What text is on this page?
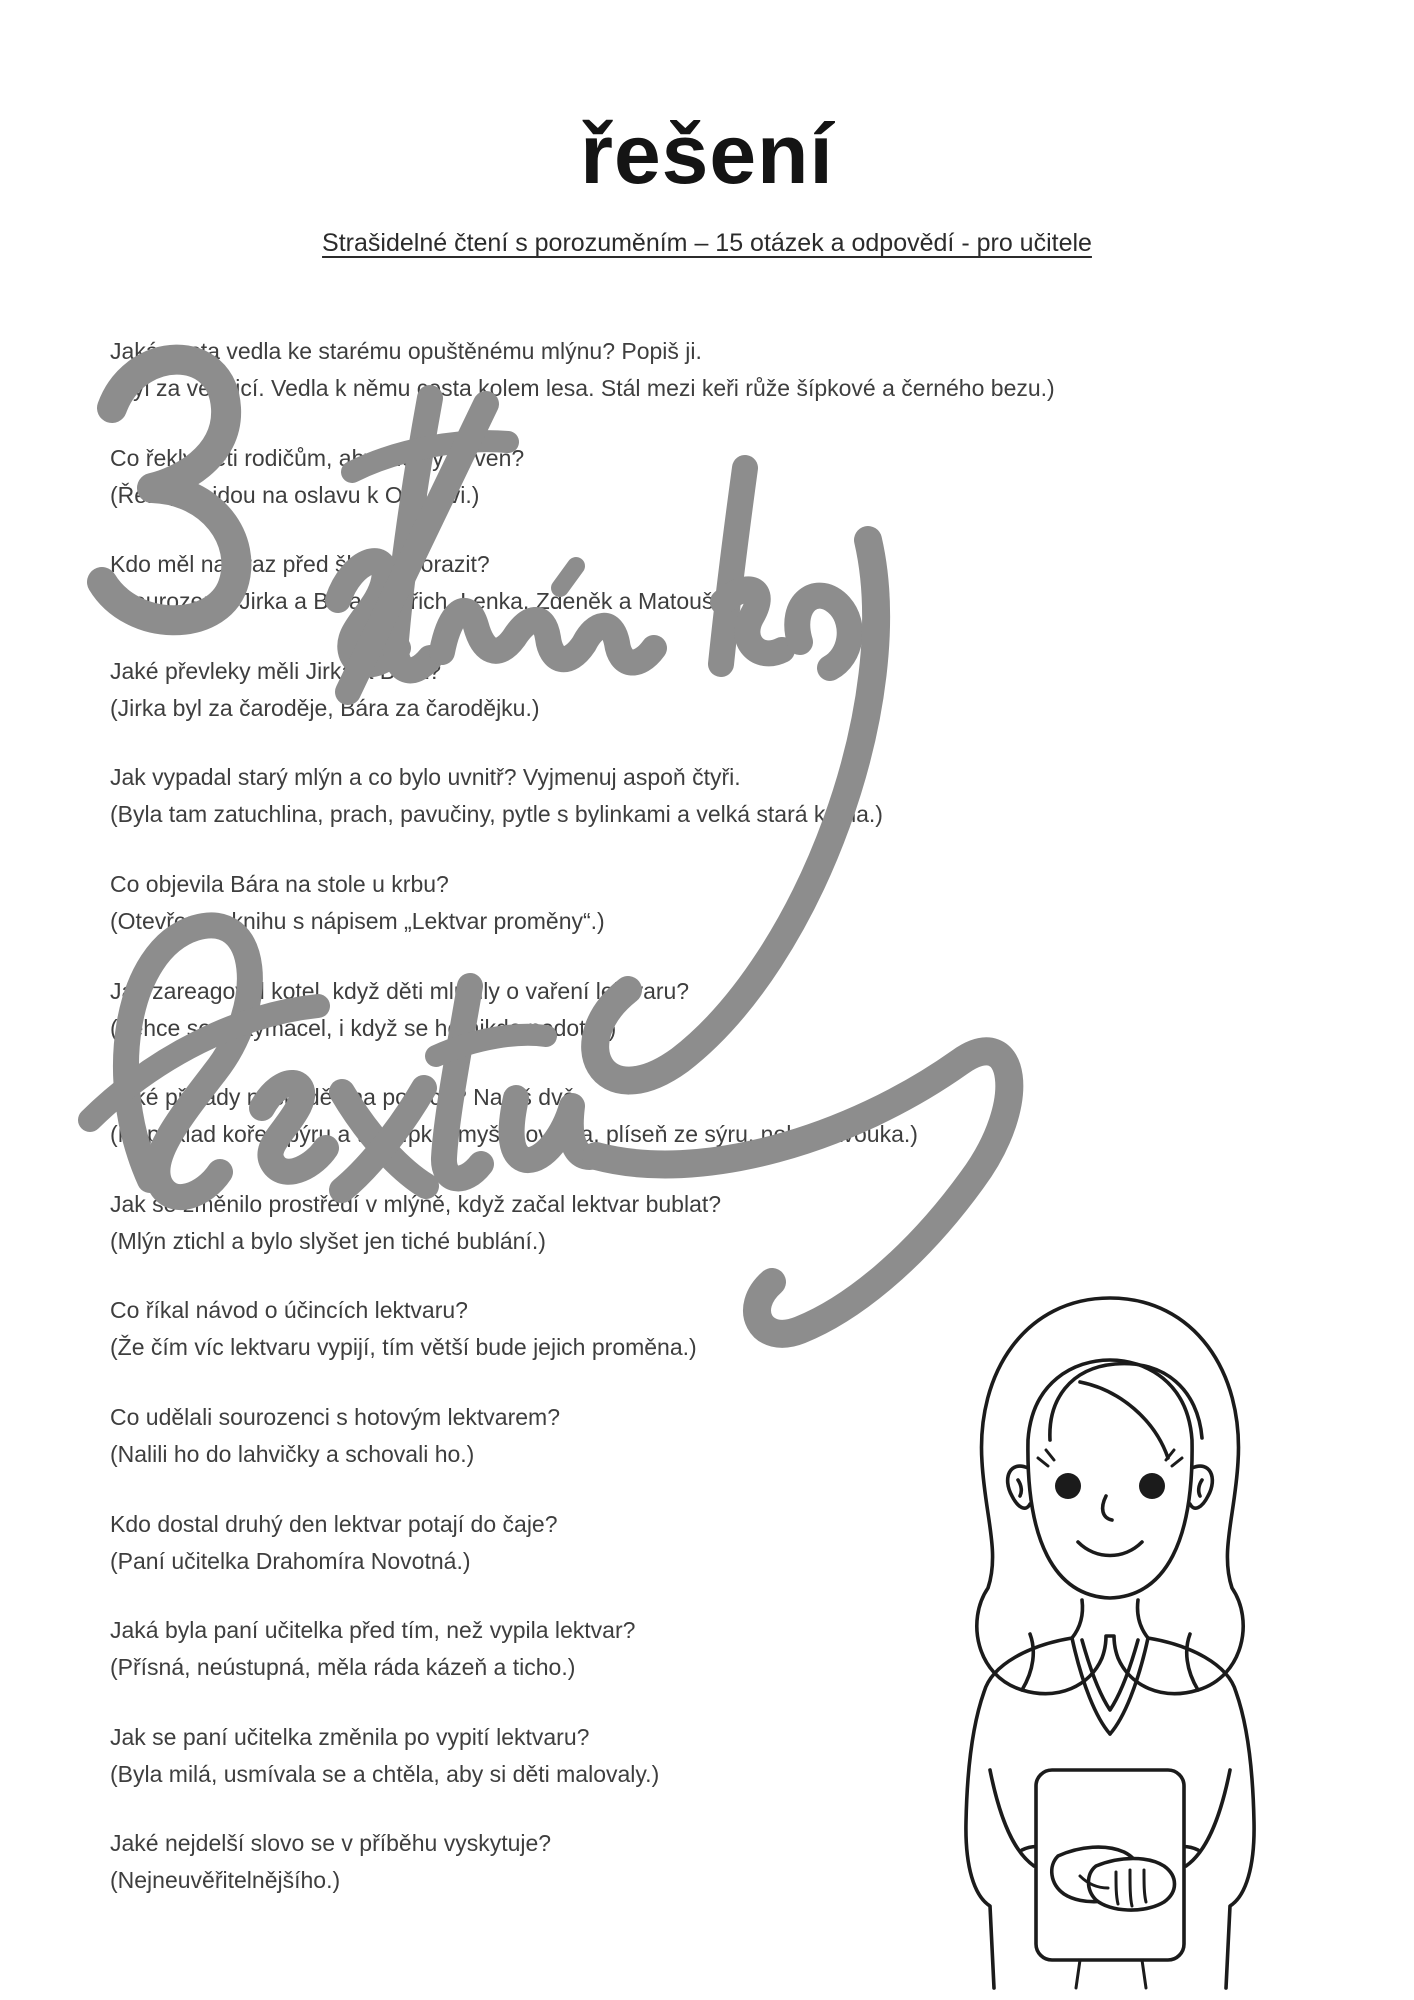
řešení
Strašidelné čtení s porozuměním – 15 otázek a odpovědí - pro učitele
Jaká cesta vedla ke starému opuštěnému mlýnu? Popiš ji.
(Byl za vesnicí. Vedla k němu cesta kolem lesa. Stál mezi keři růže šípkové a černého bezu.)
Co řekly děti rodičům, aby mohly jít ven?
(Řekli, že jdou na oslavu k Ondrovi.)
Kdo měl na sraz před školou dorazit?
(Sourozenci Jirka a Bára, Oldřich, Lenka, Zdeněk a Matouš.)
Jaké převleky měli Jirka a Bára?
(Jirka byl za čaroděje, Bára za čarodějku.)
Jak vypadal starý mlýn a co bylo uvnitř? Vyjmenuj aspoň čtyři.
(Byla tam zatuchlina, prach, pavučiny, pytle s bylinkami a velká stará kniha.)
Co objevila Bára na stole u krbu?
(Otevřenou knihu s nápisem „Lektvar proměny“.)
Jak zareagoval kotel, když děti mluvily o vaření lektvaru?
(Lehce se zakymácel, i když se ho nikdo nedotkl.)
Jaké přísady našly děti na poličce? Napiš dvě.
(Například kořen pýru a trn šípku, myší hovínka, plíseň ze sýru, nohy pavouka.)
Jak se změnilo prostředí v mlýně, když začal lektvar bublat?
(Mlýn ztichl a bylo slyšet jen tiché bublání.)
Co říkal návod o účincích lektvaru?
(Že čím víc lektvaru vypijí, tím větší bude jejich proměna.)
Co udělali sourozenci s hotovým lektvarem?
(Nalili ho do lahvičky a schovali ho.)
Kdo dostal druhý den lektvar potají do čaje?
(Paní učitelka Drahomíra Novotná.)
Jaká byla paní učitelka před tím, než vypila lektvar?
(Přísná, neústupná, měla ráda kázeň a ticho.)
Jak se paní učitelka změnila po vypití lektvaru?
(Byla milá, usmívala se a chtěla, aby si děti malovaly.)
Jaké nejdelší slovo se v příběhu vyskytuje?
(Nejneuvěřitelnějšího.)
